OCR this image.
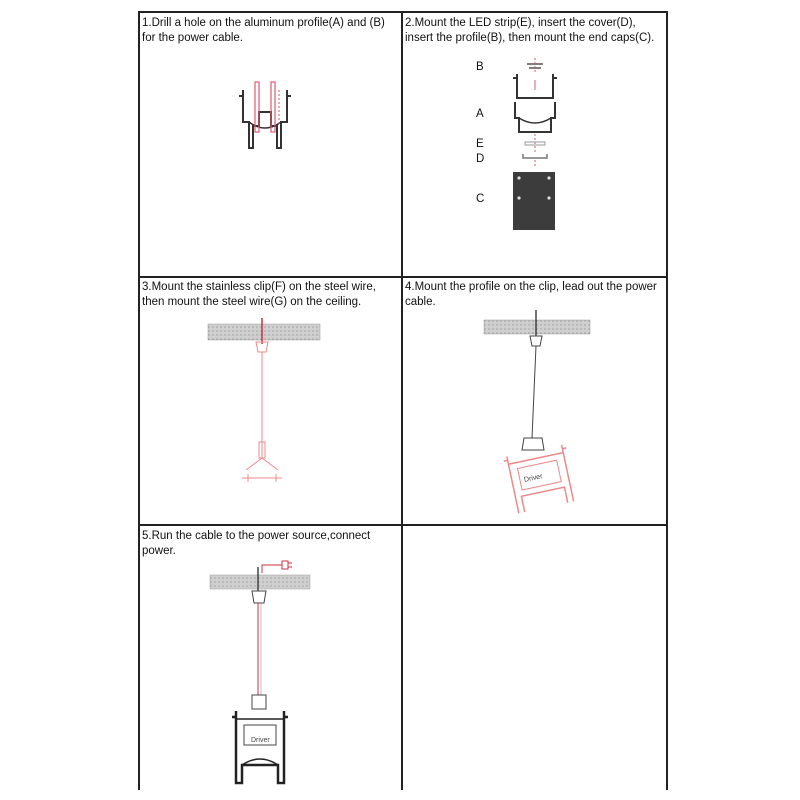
1.Drill a hole on the aluminum profile(A) and (B) for the power cable.
2.Mount the LED strip(E), insert the cover(D), insert the profile(B), then mount the end caps(C).
B
A
E
D
C
3.Mount the stainless clip(F) on the steel wire, then mount the steel wire(G) on the ceiling.
4.Mount the profile on the clip, lead out the power cable.
Driver
5.Run the cable to the power source,connect power.
Driver
